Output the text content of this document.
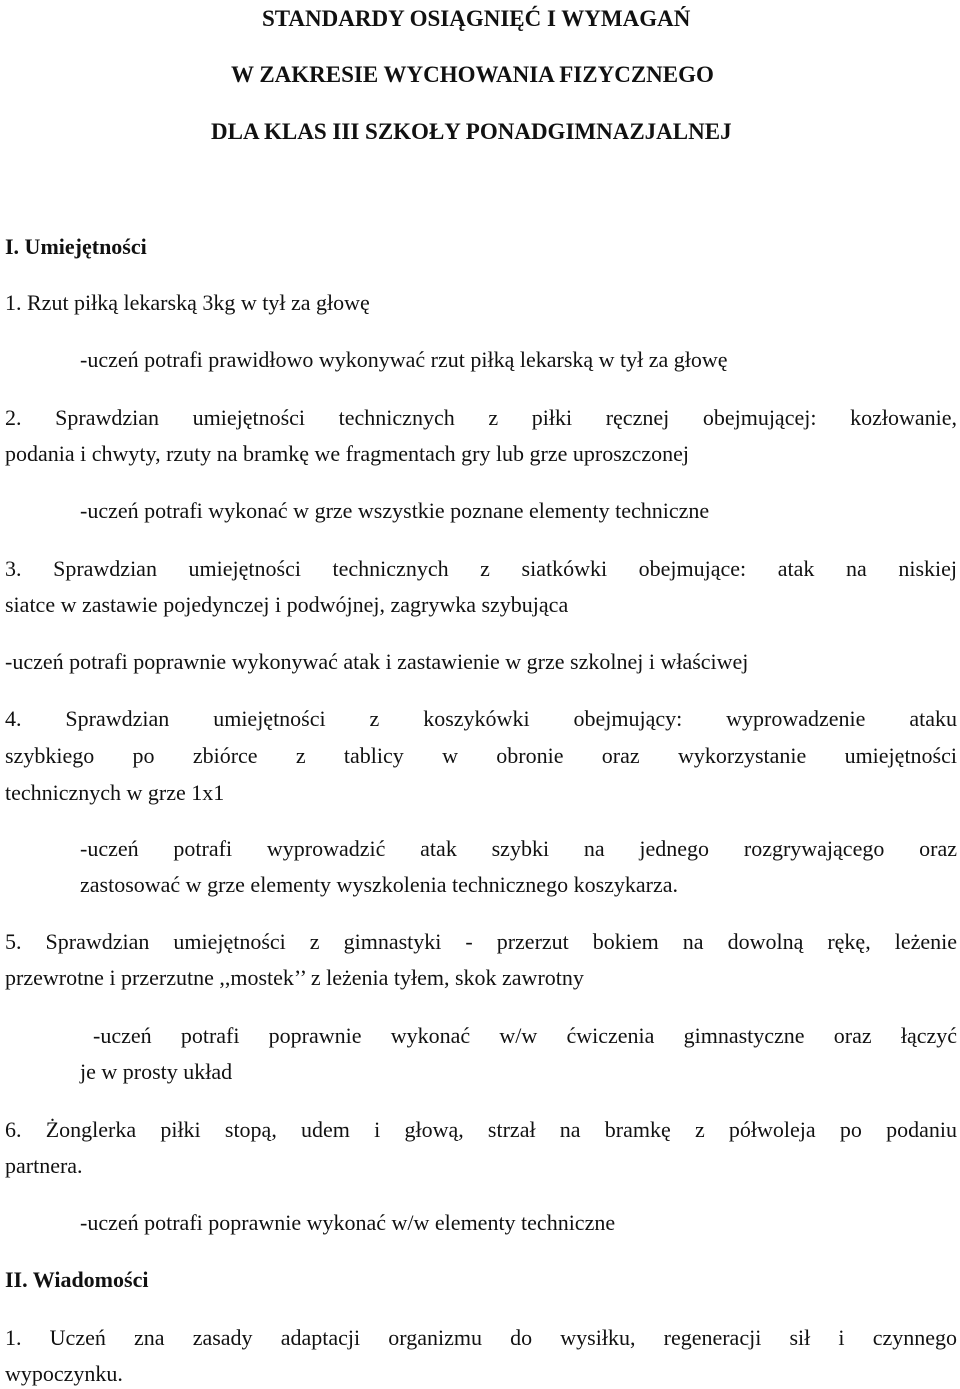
STANDARDY OSIĄGNIĘĆ I WYMAGAŃ
W ZAKRESIE WYCHOWANIA FIZYCZNEGO
DLA KLAS III SZKOŁY PONADGIMNAZJALNEJ
I. Umiejętności
1. Rzut piłką lekarską 3kg w tył za głowę
-uczeń potrafi prawidłowo wykonywać rzut piłką lekarską w tył za głowę
2. Sprawdzian umiejętności technicznych z piłki ręcznej obejmującej: kozłowanie,
podania i chwyty, rzuty na bramkę we fragmentach gry lub grze uproszczonej
-uczeń potrafi wykonać w grze wszystkie poznane elementy techniczne
3. Sprawdzian umiejętności technicznych z siatkówki obejmujące: atak na niskiej
siatce w zastawie pojedynczej i podwójnej, zagrywka szybująca
-uczeń potrafi poprawnie wykonywać atak i zastawienie w grze szkolnej i właściwej
4. Sprawdzian umiejętności z koszykówki obejmujący: wyprowadzenie ataku
szybkiego po zbiórce z tablicy w obronie oraz wykorzystanie umiejętności
technicznych w grze 1x1
-uczeń potrafi wyprowadzić atak szybki na jednego rozgrywającego oraz
zastosować w grze elementy wyszkolenia technicznego koszykarza.
5. Sprawdzian umiejętności z gimnastyki - przerzut bokiem na dowolną rękę, leżenie
przewrotne i przerzutne ,,mostek’’ z leżenia tyłem, skok zawrotny
-uczeń potrafi poprawnie wykonać w/w ćwiczenia gimnastyczne oraz łączyć
je w prosty układ
6. Żonglerka piłki stopą, udem i głową, strzał na bramkę z półwoleja po podaniu
partnera.
-uczeń potrafi poprawnie wykonać w/w elementy techniczne
II. Wiadomości
1. Uczeń zna zasady adaptacji organizmu do wysiłku, regeneracji sił i czynnego
wypoczynku.
